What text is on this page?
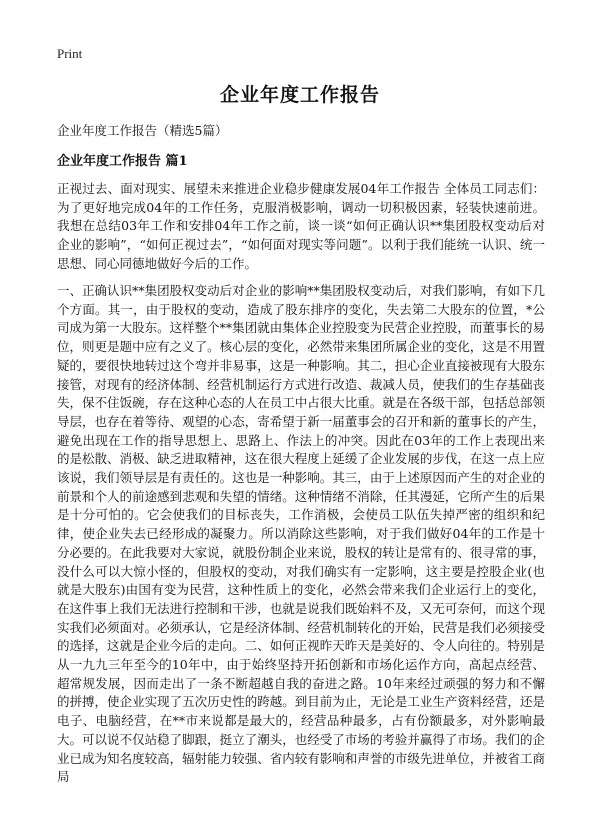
Print
企业年度工作报告

企业年度工作报告（精选5篇）

企业年度工作报告 篇1

正视过去、面对现实、展望未来推进企业稳步健康发展04年工作报告 全体员工同志们：为了更好地完成04年的工作任务，克服消极影响，调动一切积极因素，轻装快速前进。我想在总结03年工作和安排04年工作之前，谈一谈“如何正确认识**集团股权变动后对企业的影响”，“如何正视过去”，“如何面对现实等问题”。以利于我们能统一认识、统一思想、同心同德地做好今后的工作。

一、正确认识**集团股权变动后对企业的影响**集团股权变动后，对我们影响，有如下几个方面。其一，由于股权的变动，造成了股东排序的变化，失去第二大股东的位置，*公司成为第一大股东。这样整个**集团就由集体企业控股变为民营企业控股，而董事长的易位，则更是题中应有之义了。核心层的变化，必然带来集团所属企业的变化，这是不用置疑的，要很快地转过这个弯并非易事，这是一种影响。其二，担心企业直接被现有大股东接管，对现有的经济体制、经营机制运行方式进行改造、裁减人员，使我们的生存基础丧失，保不住饭碗，存在这种心态的人在员工中占很大比重。就是在各级干部，包括总部领导层，也存在着等待、观望的心态，寄希望于新一届董事会的召开和新的董事长的产生，避免出现在工作的指导思想上、思路上、作法上的冲突。因此在03年的工作上表现出来的是松散、消极、缺乏进取精神，这在很大程度上延缓了企业发展的步伐，在这一点上应该说，我们领导层是有责任的。这也是一种影响。其三，由于上述原因而产生的对企业的前景和个人的前途感到悲观和失望的情绪。这种情绪不消除，任其漫延，它所产生的后果是十分可怕的。它会使我们的目标丧失，工作消极，会使员工队伍失掉严密的组织和纪律，使企业失去已经形成的凝聚力。所以消除这些影响，对于我们做好04年的工作是十分必要的。在此我要对大家说，就股份制企业来说，股权的转让是常有的、很寻常的事，没什么可以大惊小怪的，但股权的变动，对我们确实有一定影响，这主要是控股企业(也就是大股东)由国有变为民营，这种性质上的变化，必然会带来我们企业运行上的变化，在这件事上我们无法进行控制和干涉，也就是说我们既始料不及，又无可奈何，而这个现实我们必须面对。必须承认，它是经济体制、经营机制转化的开始，民营是我们必须接受的选择，这就是企业今后的走向。二、如何正视昨天昨天是美好的、令人向往的。特别是从一九九三年至今的10年中，由于始终坚持开拓创新和市场化运作方向，高起点经营、超常规发展，因而走出了一条不断超越自我的奋进之路。10年来经过顽强的努力和不懈的拼搏，使企业实现了五次历史性的跨越。到目前为止，无论是工业生产资料经营，还是电子、电脑经营，在**市来说都是最大的，经营品种最多，占有份额最多，对外影响最大。可以说不仅站稳了脚跟，挺立了潮头，也经受了市场的考验并赢得了市场。我们的企业已成为知名度较高，辐射能力较强、省内较有影响和声誉的市级先进单位，并被省工商局
